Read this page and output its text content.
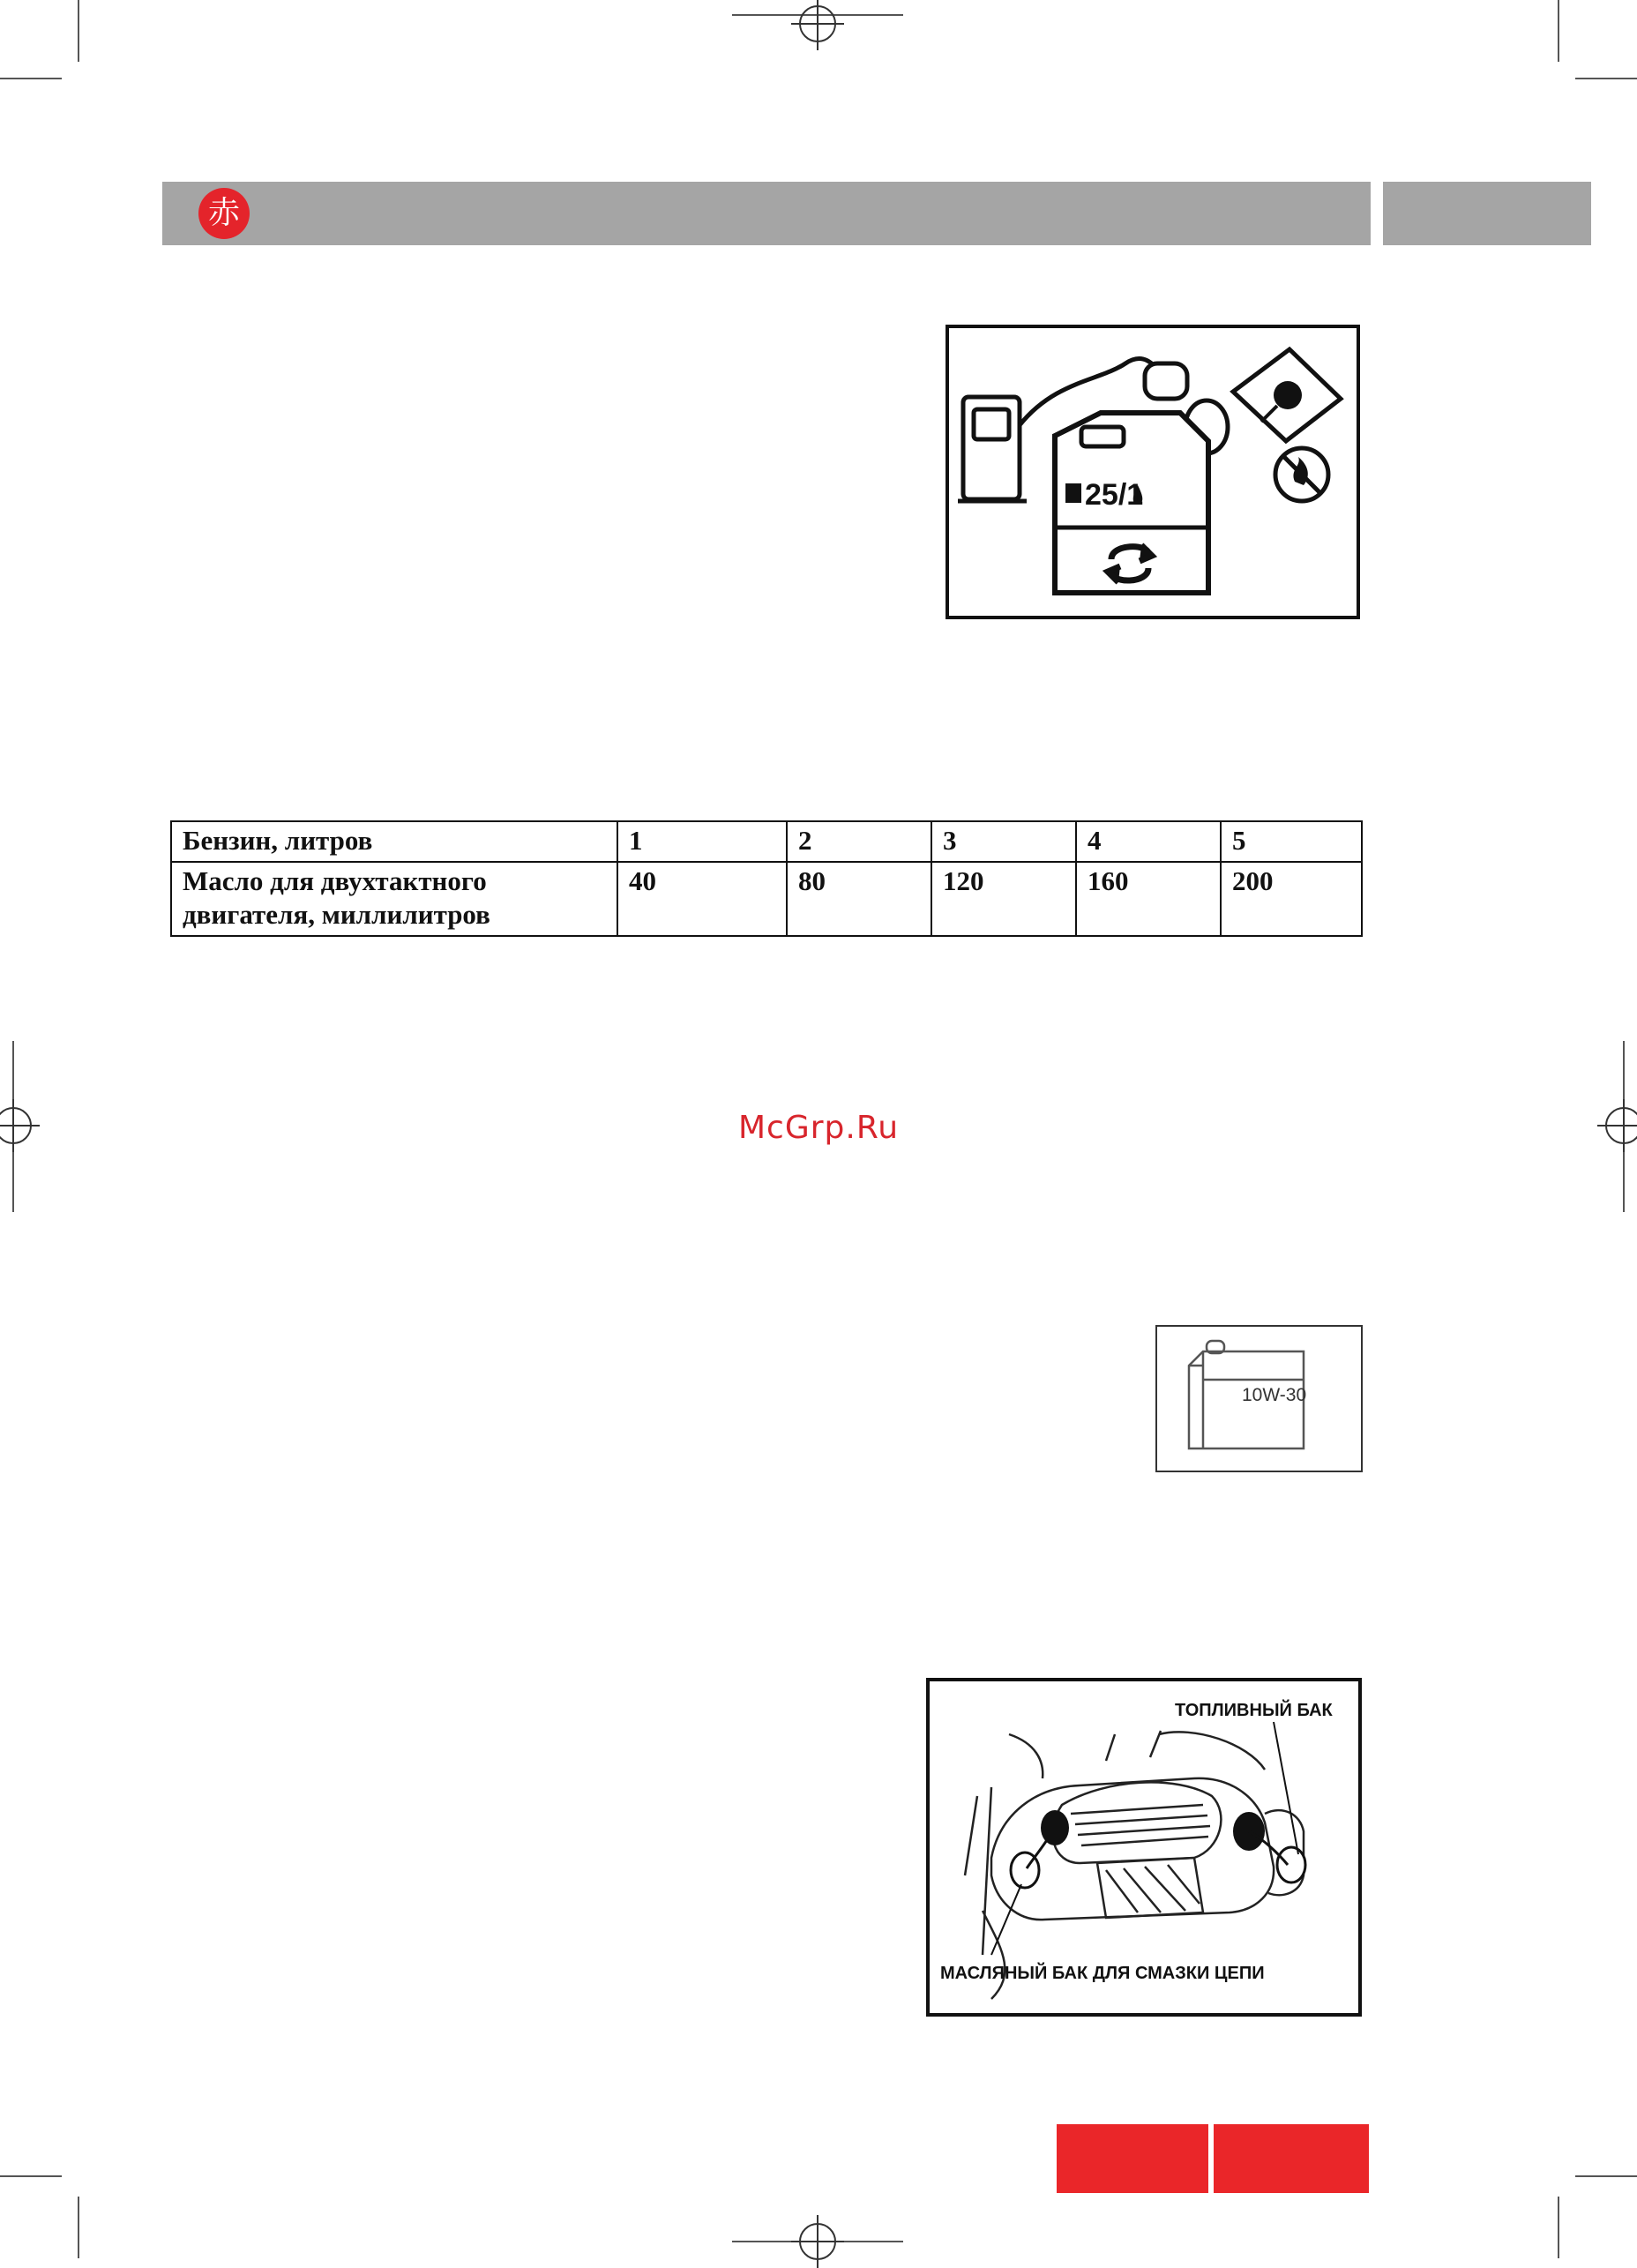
赤
25/1
Бензин, литров	1	2	3	4	5
Масло для двухтактного
двигателя, миллилитров	40	80	120	160	200
McGrp.Ru
10W-30
ТОПЛИВНЫЙ БАК
МАСЛЯНЫЙ БАК ДЛЯ СМАЗКИ ЦЕПИ
